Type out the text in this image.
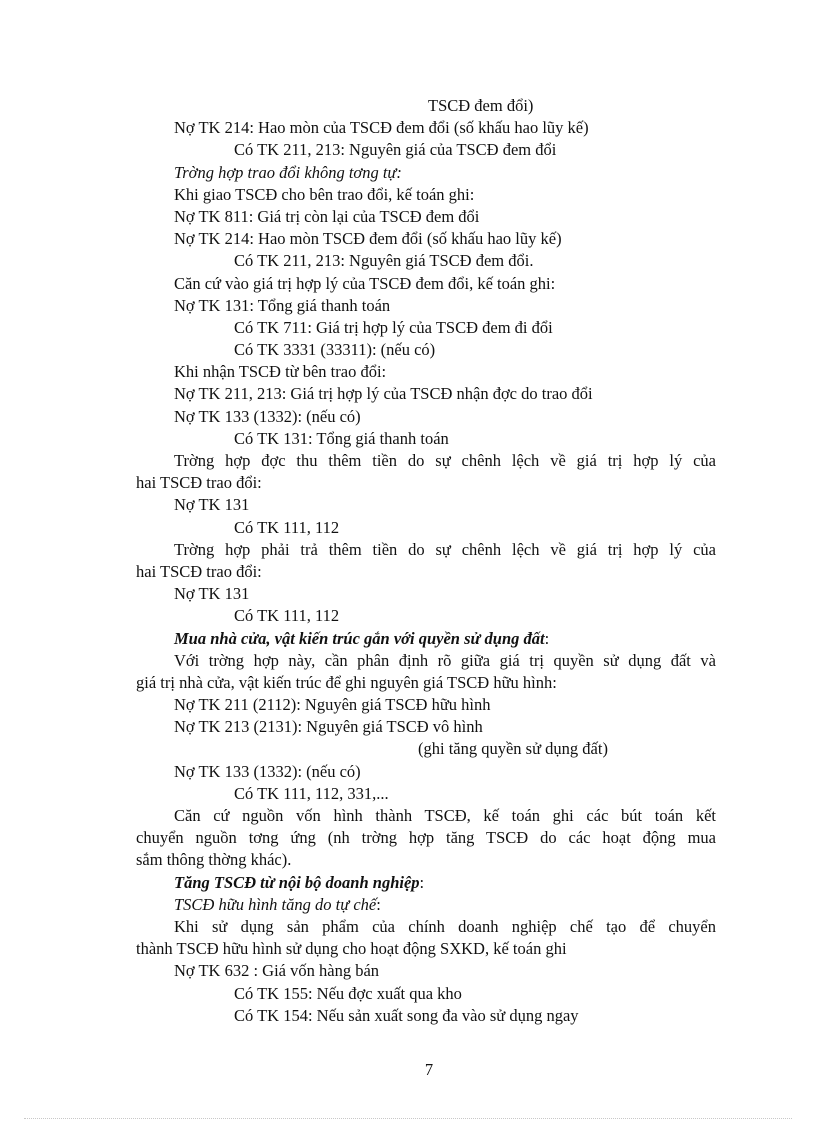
TSCĐ đem đổi)
Nợ TK 214: Hao mòn của TSCĐ đem đổi (số khấu hao lũy kế)
Có TK 211, 213: Nguyên giá của TSCĐ đem đổi
Trờng hợp trao đổi không tơng tự:
Khi giao TSCĐ cho bên trao đổi, kế toán ghi:
Nợ TK 811: Giá trị còn lại của TSCĐ đem đổi
Nợ TK 214: Hao mòn TSCĐ đem đổi (số khấu hao lũy kế)
Có TK 211, 213: Nguyên giá TSCĐ đem đổi.
Căn cứ vào giá trị hợp lý của TSCĐ đem đổi, kế toán ghi:
Nợ TK 131: Tổng giá thanh toán
Có TK 711: Giá trị hợp lý của TSCĐ đem đi đổi
Có TK 3331 (33311): (nếu có)
Khi nhận TSCĐ từ bên trao đổi:
Nợ TK 211, 213: Giá trị hợp lý của TSCĐ nhận đợc do trao đổi
Nợ TK 133 (1332): (nếu có)
Có TK 131: Tổng giá thanh toán
Trờng hợp đợc thu thêm tiền do sự chênh lệch về giá trị hợp lý của
hai TSCĐ trao đổi:
Nợ TK 131
Có TK 111, 112
Trờng hợp phải trả thêm tiền do sự chênh lệch về giá trị hợp lý của
hai TSCĐ trao đổi:
Nợ TK 131
Có TK 111, 112
Mua nhà cửa, vật kiến trúc gắn với quyền sử dụng đất:
Với trờng hợp này, cần phân định rõ giữa giá trị quyền sử dụng đất và
giá trị nhà cửa, vật kiến trúc để ghi nguyên giá TSCĐ hữu hình:
Nợ TK 211 (2112): Nguyên giá TSCĐ hữu hình
Nợ TK 213 (2131): Nguyên giá TSCĐ vô hình
(ghi tăng quyền sử dụng đất)
Nợ TK 133 (1332): (nếu có)
Có TK 111, 112, 331,...
Căn cứ nguồn vốn hình thành TSCĐ, kế toán ghi các bút toán kết
chuyển nguồn tơng ứng (nh trờng hợp tăng TSCĐ do các hoạt động mua
sắm thông thờng khác).
Tăng TSCĐ từ nội bộ doanh nghiệp:
TSCĐ hữu hình tăng do tự chế:
Khi sử dụng sản phẩm của chính doanh nghiệp chế tạo để chuyển
thành TSCĐ hữu hình sử dụng cho hoạt động SXKD, kế toán ghi
Nợ TK 632 : Giá vốn hàng bán
Có TK 155: Nếu đợc xuất qua kho
Có TK 154: Nếu sản xuất song đa vào sử dụng ngay
7
